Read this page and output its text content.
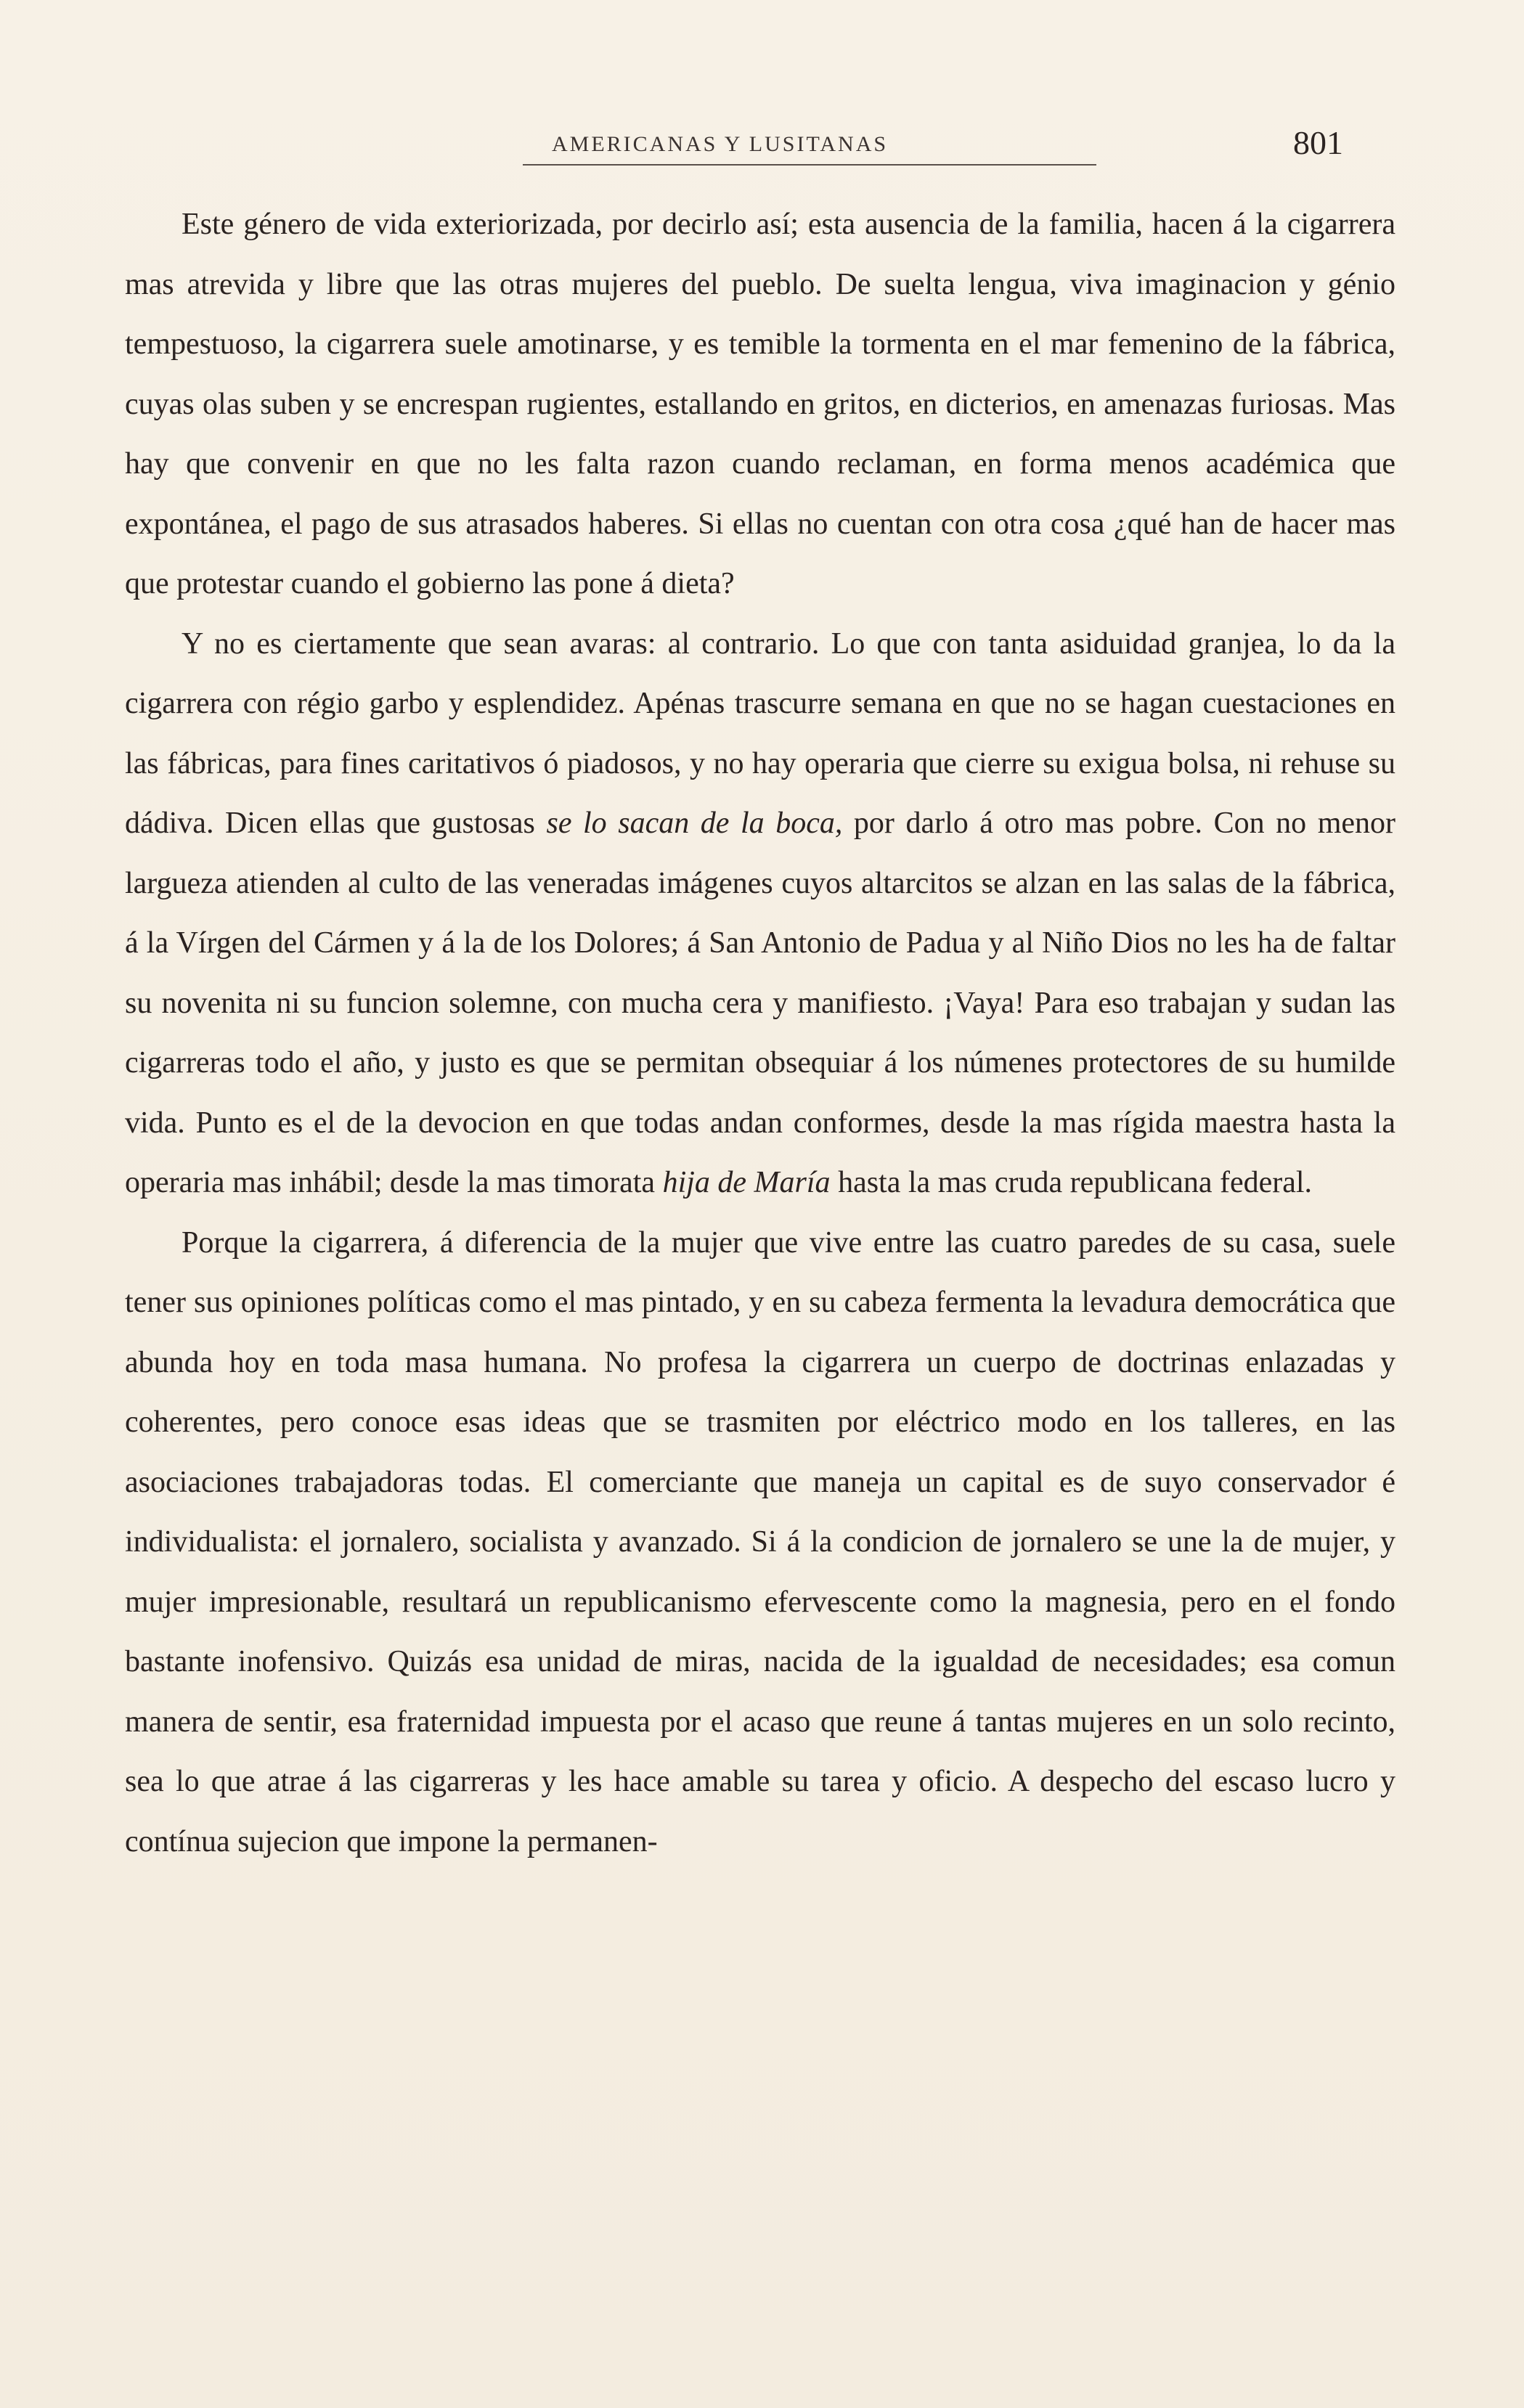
AMERICANAS Y LUSITANAS	801

Este género de vida exteriorizada, por decirlo así; esta ausencia de la familia, hacen á la cigarrera mas atrevida y libre que las otras mujeres del pueblo. De suelta lengua, viva imaginacion y génio tempestuoso, la cigarrera suele amotinarse, y es temible la tormenta en el mar femenino de la fábrica, cuyas olas suben y se encrespan rugientes, estallando en gritos, en dicterios, en amenazas furiosas. Mas hay que convenir en que no les falta razon cuando reclaman, en forma menos académica que expontánea, el pago de sus atrasados haberes. Si ellas no cuentan con otra cosa ¿qué han de hacer mas que protestar cuando el gobierno las pone á dieta?

Y no es ciertamente que sean avaras: al contrario. Lo que con tanta asiduidad granjea, lo da la cigarrera con régio garbo y esplendidez. Apénas trascurre semana en que no se hagan cuestaciones en las fábricas, para fines caritativos ó piadosos, y no hay operaria que cierre su exigua bolsa, ni rehuse su dádiva. Dicen ellas que gustosas se lo sacan de la boca, por darlo á otro mas pobre. Con no menor largueza atienden al culto de las veneradas imágenes cuyos altarcitos se alzan en las salas de la fábrica, á la Vírgen del Cármen y á la de los Dolores; á San Antonio de Padua y al Niño Dios no les ha de faltar su novenita ni su funcion solemne, con mucha cera y manifiesto. ¡Vaya! Para eso trabajan y sudan las cigarreras todo el año, y justo es que se permitan obsequiar á los númenes protectores de su humilde vida. Punto es el de la devocion en que todas andan conformes, desde la mas rígida maestra hasta la operaria mas inhábil; desde la mas timorata hija de María hasta la mas cruda republicana federal.

Porque la cigarrera, á diferencia de la mujer que vive entre las cuatro paredes de su casa, suele tener sus opiniones políticas como el mas pintado, y en su cabeza fermenta la levadura democrática que abunda hoy en toda masa humana. No profesa la cigarrera un cuerpo de doctrinas enlazadas y coherentes, pero conoce esas ideas que se trasmiten por eléctrico modo en los talleres, en las asociaciones trabajadoras todas. El comerciante que maneja un capital es de suyo conservador é individualista: el jornalero, socialista y avanzado. Si á la condicion de jornalero se une la de mujer, y mujer impresionable, resultará un republicanismo efervescente como la magnesia, pero en el fondo bastante inofensivo. Quizás esa unidad de miras, nacida de la igualdad de necesidades; esa comun manera de sentir, esa fraternidad impuesta por el acaso que reune á tantas mujeres en un solo recinto, sea lo que atrae á las cigarreras y les hace amable su tarea y oficio. A despecho del escaso lucro y contínua sujecion que impone la permanen-
